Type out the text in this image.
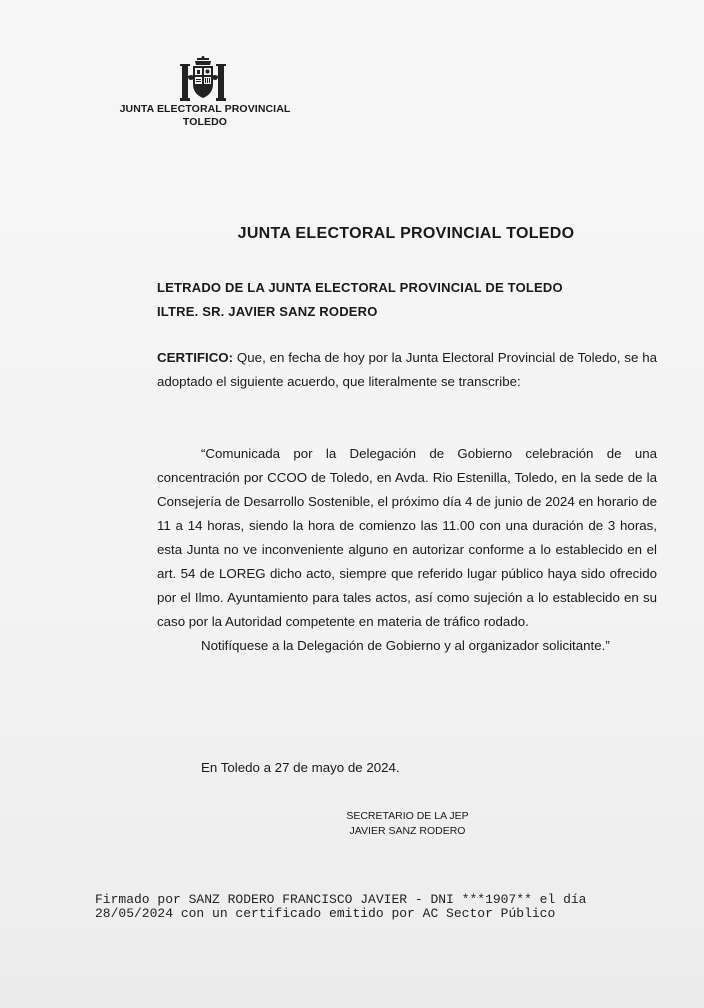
JUNTA ELECTORAL PROVINCIAL
TOLEDO
JUNTA ELECTORAL PROVINCIAL TOLEDO
LETRADO DE LA JUNTA ELECTORAL PROVINCIAL DE TOLEDO
ILTRE. SR. JAVIER SANZ RODERO

CERTIFICO: Que, en fecha de hoy por la Junta Electoral Provincial de Toledo, se ha adoptado el siguiente acuerdo, que literalmente se transcribe:

“Comunicada por la Delegación de Gobierno celebración de una concentración por CCOO de Toledo, en Avda. Rio Estenilla, Toledo, en la sede de la Consejería de Desarrollo Sostenible, el próximo día 4 de junio de 2024 en horario de 11 a 14 horas, siendo la hora de comienzo las 11.00 con una duración de 3 horas, esta Junta no ve inconveniente alguno en autorizar conforme a lo establecido en el art. 54 de LOREG dicho acto, siempre que referido lugar público haya sido ofrecido por el Ilmo. Ayuntamiento para tales actos, así como sujeción a lo establecido en su caso por la Autoridad competente en materia de tráfico rodado.

Notifíquese a la Delegación de Gobierno y al organizador solicitante.”

En Toledo a 27 de mayo de 2024.
SECRETARIO DE LA JEP
JAVIER SANZ RODERO
Firmado por SANZ RODERO FRANCISCO JAVIER - DNI ***1907** el día
28/05/2024 con un certificado emitido por AC Sector Público
